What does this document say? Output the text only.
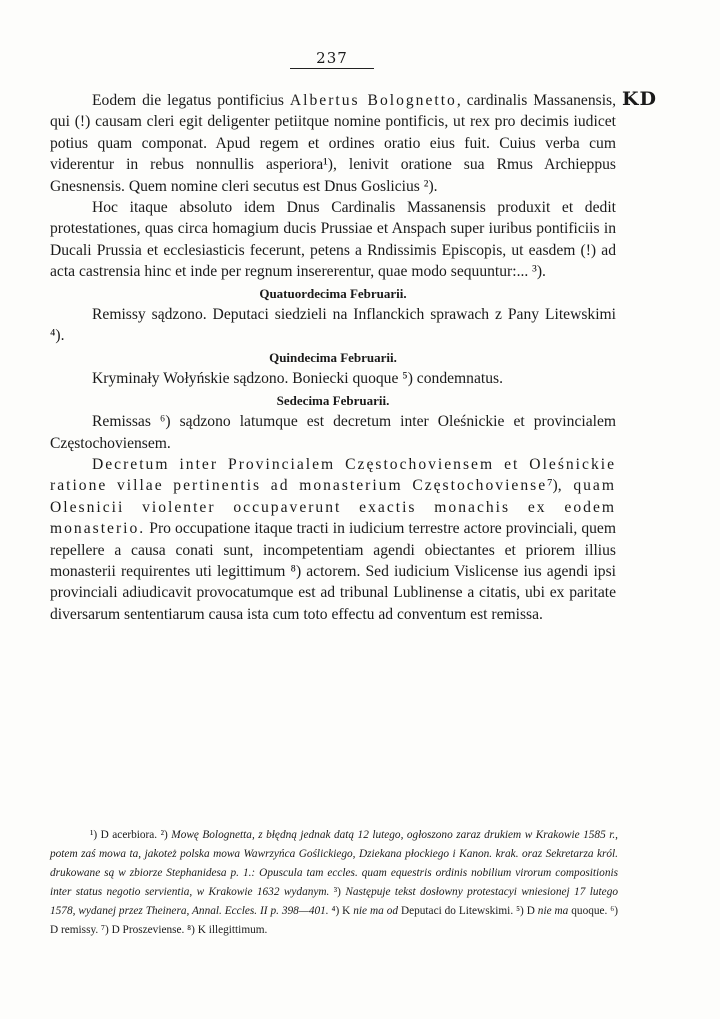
237
KD

Eodem die legatus pontificius Albertus Bolognetto, cardinalis Massanensis, qui (!) causam cleri egit deligenter petiitque nomine pontificis, ut rex pro decimis iudicet potius quam componat. Apud regem et ordines oratio eius fuit. Cuius verba cum viderentur in rebus nonnullis asperiora¹), lenivit oratione sua Rmus Archieppus Gnesnensis. Quem nomine cleri secutus est Dnus Goslicius ²).

Hoc itaque absoluto idem Dnus Cardinalis Massanensis produxit et dedit protestationes, quas circa homagium ducis Prussiae et Anspach super iuribus pontificiis in Ducali Prussia et ecclesiasticis fecerunt, petens a Rndissimis Episcopis, ut easdem (!) ad acta castrensia hinc et inde per regnum insererentur, quae modo sequuntur:... ³).

Quatuordecima Februarii.

Remissy sądzono. Deputaci siedzieli na Inflanckich sprawach z Pany Litewskimi ⁴).

Quindecima Februarii.

Kryminały Wołyńskie sądzono. Boniecki quoque ⁵) condemnatus.

Sedecima Februarii.

Remissas ⁶) sądzono latumque est decretum inter Oleśnickie et provincialem Częstochoviensem.

Decretum inter Provincialem Częstochoviensem et Oleśnickie ratione villae pertinentis ad monasterium Częstochoviense⁷), quam Olesnicii violenter occupaverunt exactis monachis ex eodem monasterio. Pro occupatione itaque tracti in iudicium terrestre actore provinciali, quem repellere a causa conati sunt, incompetentiam agendi obiectantes et priorem illius monasterii requirentes uti legittimum ⁸) actorem. Sed iudicium Vislicense ius agendi ipsi provinciali adiudicavit provocatumque est ad tribunal Lublinense a citatis, ubi ex paritate diversarum sententiarum causa ista cum toto effectu ad conventum est remissa.

¹) D acerbiora. ²) Mowę Bolognetta, z błędną jednak datą 12 lutego, ogłoszono zaraz drukiem w Krakowie 1585 r., potem zaś mowa ta, jakotеż polska mowa Wawrzyńca Goślickiego, Dziekana płockiego i Kanon. krak. oraz Sekretarza król. drukowane są w zbiorze Stephanidesa p. 1.: Opuscula tam eccles. quam equestris ordinis nobilium virorum compositionis inter status negotio servientia, w Krakowie 1632 wydanym. ³) Następuje tekst dosłowny protestacyi wniesionej 17 lutego 1578, wydanej przez Theinera, Annal. Eccles. II p. 398—401. ⁴) K nie ma od Deputaci do Litewskimi. ⁵) D nie ma quoque. ⁶) D remissy. ⁷) D Proszeviense. ⁸) K illegittimum.
